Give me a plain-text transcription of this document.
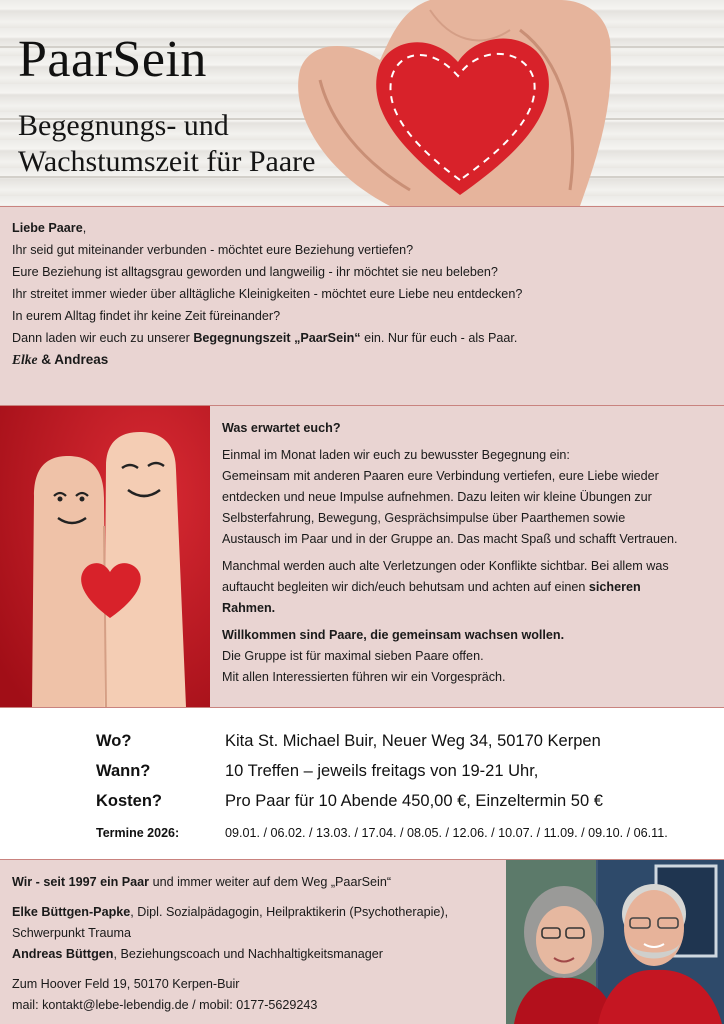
PaarSein
Begegnungs- und
Wachstumszeit für Paare

Liebe Paare,

Ihr seid gut miteinander verbunden - möchtet eure Beziehung vertiefen?

Eure Beziehung ist alltagsgrau geworden und langweilig - ihr möchtet sie neu beleben?

Ihr streitet immer wieder über alltägliche Kleinigkeiten - möchtet eure Liebe neu entdecken?

In eurem Alltag findet ihr keine Zeit füreinander?

Dann laden wir euch zu unserer Begegnungszeit „PaarSein“ ein. Nur für euch - als Paar.

Elke & Andreas

Was erwartet euch?

Einmal im Monat laden wir euch zu bewusster Begegnung ein:

Gemeinsam mit anderen Paaren eure Verbindung vertiefen, eure Liebe wieder

entdecken und neue Impulse aufnehmen. Dazu leiten wir kleine Übungen zur

Selbsterfahrung, Bewegung, Gesprächsimpulse über Paarthemen sowie

Austausch im Paar und in der Gruppe an. Das macht Spaß und schafft Vertrauen.

Manchmal werden auch alte Verletzungen oder Konflikte sichtbar. Bei allem was

auftaucht begleiten wir dich/euch behutsam und achten auf einen sicheren

Rahmen.

Willkommen sind Paare, die gemeinsam wachsen wollen.

Die Gruppe ist für maximal sieben Paare offen.

Mit allen Interessierten führen wir ein Vorgespräch.

Wo?	Kita St. Michael Buir, Neuer Weg 34, 50170 Kerpen
Wann?	10 Treffen – jeweils freitags von 19-21 Uhr,
Kosten?	Pro Paar für 10 Abende 450,00 €, Einzeltermin 50 €
Termine 2026:	09.01. / 06.02. / 13.03. / 17.04. / 08.05. / 12.06. / 10.07. / 11.09. / 09.10. / 06.11.

Wir - seit 1997 ein Paar und immer weiter auf dem Weg „PaarSein“

Elke Büttgen-Papke, Dipl. Sozialpädagogin, Heilpraktikerin (Psychotherapie),

Schwerpunkt Trauma

Andreas Büttgen, Beziehungscoach und Nachhaltigkeitsmanager

Zum Hoover Feld 19, 50170 Kerpen-Buir

mail: kontakt@lebe-lebendig.de / mobil: 0177-5629243
